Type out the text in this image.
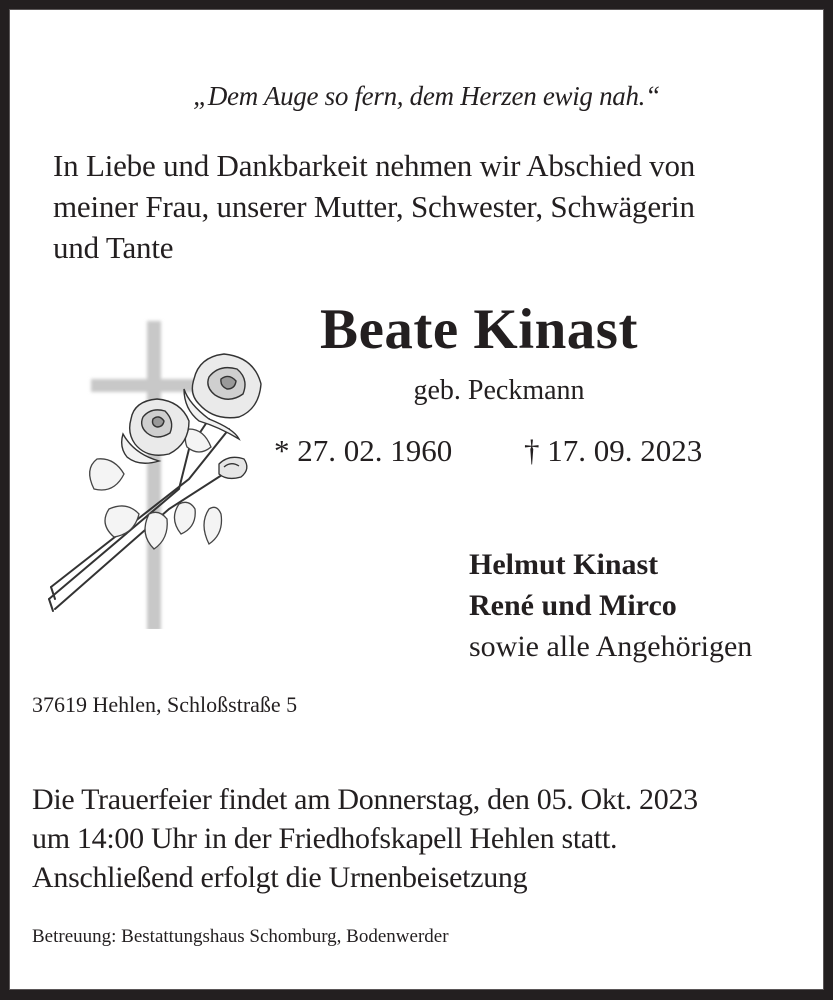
„Dem Auge so fern, dem Herzen ewig nah.“
In Liebe und Dankbarkeit nehmen wir Abschied von
meiner Frau, unserer Mutter, Schwester, Schwägerin
und Tante
Beate Kinast
geb. Peckmann
* 27. 02. 1960	† 17. 09. 2023
Helmut Kinast
René und Mirco
sowie alle Angehörigen
37619 Hehlen, Schloßstraße 5
Die Trauerfeier findet am Donnerstag, den 05. Okt. 2023
um 14:00 Uhr in der Friedhofskapell Hehlen statt.
Anschließend erfolgt die Urnenbeisetzung
Betreuung: Bestattungshaus Schomburg, Bodenwerder
